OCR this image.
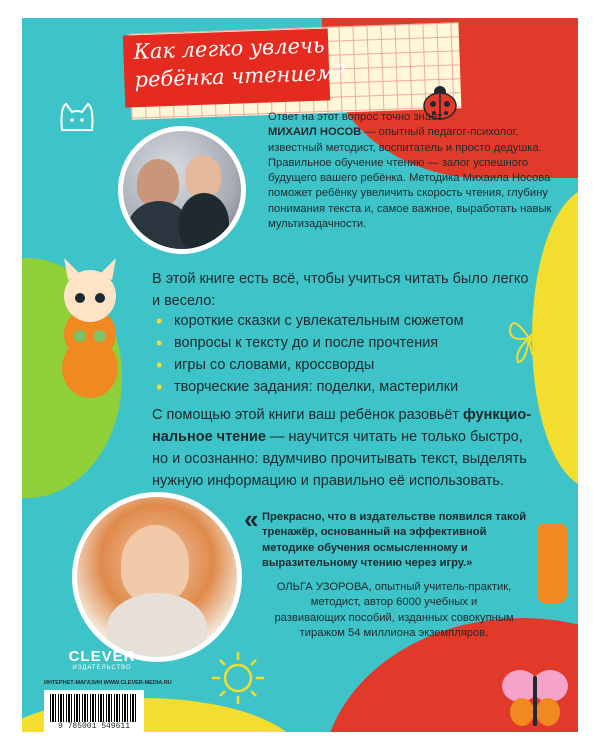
Как легко увлечь
ребёнка чтением?
Ответ на этот вопрос точно знает
МИХАИЛ НОСОВ — опытный педагог-психолог, известный методист, воспитатель и просто дедушка. Правильное обучение чтению — залог успешного будущего вашего ребёнка. Методика Михаила Носова поможет ребёнку увеличить скорость чтения, глубину понимания текста и, самое важное, выработать навык мультизадачности.
В этой книге есть всё, чтобы учиться читать было легко и весело:
• короткие сказки с увлекательным сюжетом
• вопросы к тексту до и после прочтения
• игры со словами, кроссворды
• творческие задания: поделки, мастерилки
С помощью этой книги ваш ребёнок разовьёт функцио-нальное чтение — научится читать не только быстро, но и осознанно: вдумчиво прочитывать текст, выделять нужную информацию и правильно её использовать.
« Прекрасно, что в издательстве появился такой тренажёр, основанный на эффективной методике обучения осмысленному и выразительному чтению через игру.»
ОЛЬГА УЗОРОВА, опытный учитель-практик, методист, автор 6000 учебных и развивающих пособий, изданных совокупным тиражом 54 миллиона экземпляров.
CLEVER
ИЗДАТЕЛЬСТВО
ИНТЕРНЕТ-МАГАЗИН WWW.CLEVER-MEDIA.RU
9 785001 549611
